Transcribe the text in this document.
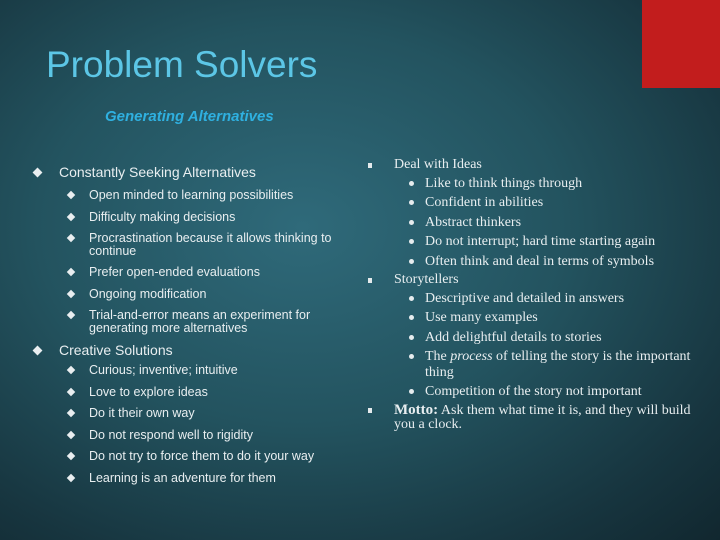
Problem Solvers
Generating Alternatives
Constantly Seeking Alternatives
Open minded to learning possibilities
Difficulty making decisions
Procrastination because it allows thinking to continue
Prefer open-ended evaluations
Ongoing modification
Trial-and-error means an experiment for generating more alternatives
Creative Solutions
Curious; inventive; intuitive
Love to explore ideas
Do it their own way
Do not respond well to rigidity
Do not try to force them to do it your way
Learning is an adventure for them
Deal with Ideas
Like to think things through
Confident in abilities
Abstract thinkers
Do not interrupt; hard time starting again
Often think and deal in terms of symbols
Storytellers
Descriptive and detailed in answers
Use many examples
Add delightful details to stories
The process of telling the story is the important thing
Competition of the story not important
Motto: Ask them what time it is, and they will build you a clock.
